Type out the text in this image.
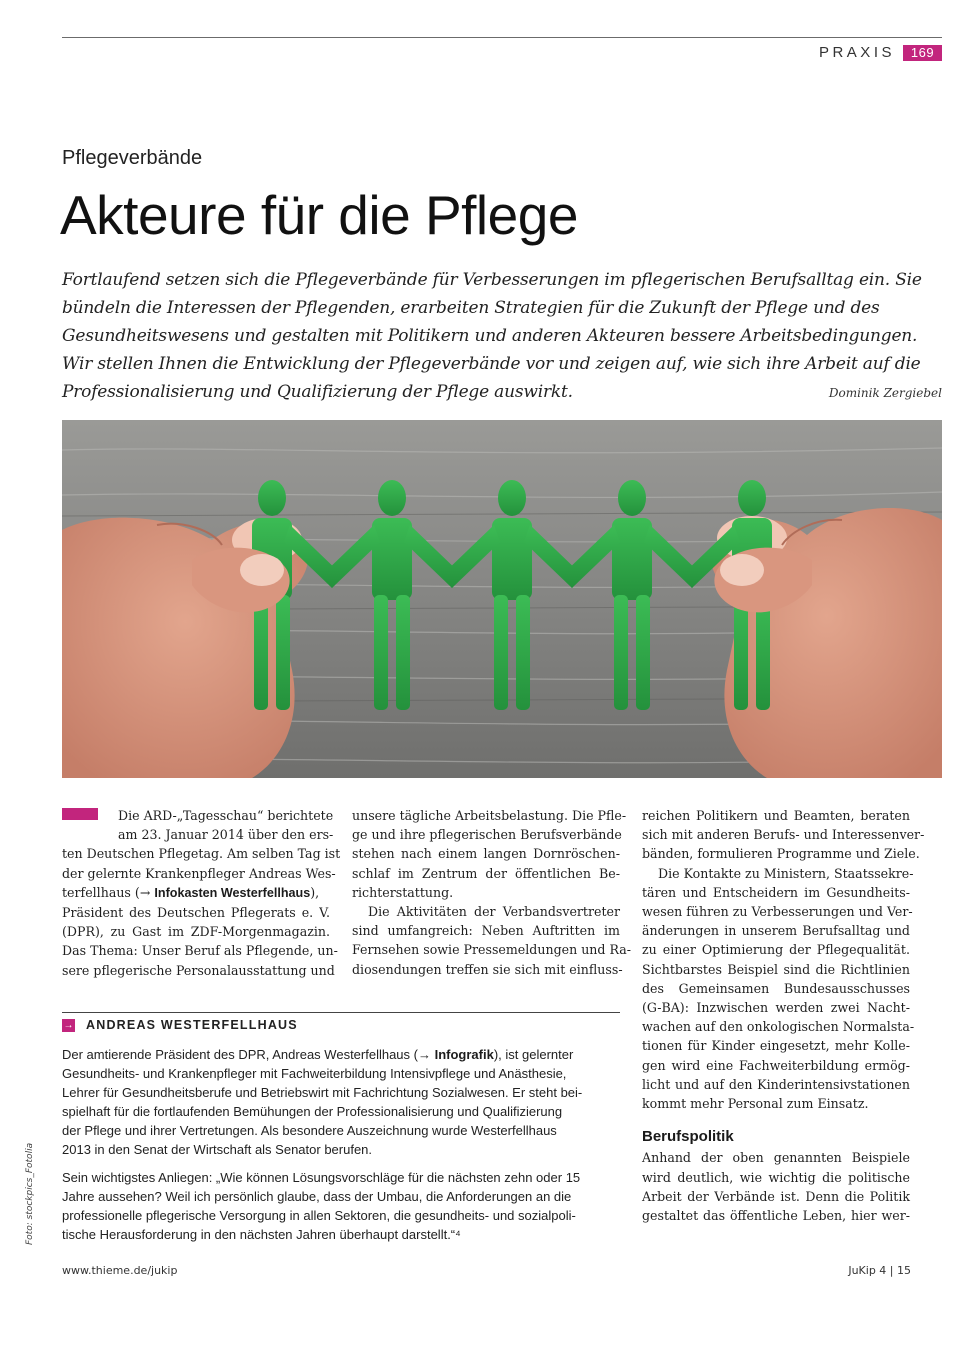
PRAXIS	169
Pflegeverbände
Akteure für die Pflege
Fortlaufend setzen sich die Pflegeverbände für Verbesserungen im pflegerischen Berufsalltag ein. Sie
bündeln die Interessen der Pflegenden, erarbeiten Strategien für die Zukunft der Pflege und des
Gesundheitswesens und gestalten mit Politikern und anderen Akteuren bessere Arbeitsbedingungen.
Wir stellen Ihnen die Entwicklung der Pflegeverbände vor und zeigen auf, wie sich ihre Arbeit auf die
Professionalisierung und Qualifizierung der Pflege auswirkt.	Dominik Zergiebel
Foto: stockpics_Fotolia
Die ARD-„Tagesschau“ berichtete
am 23. Januar 2014 über den ers-
ten Deutschen Pflegetag. Am selben Tag ist
der gelernte Krankenpfleger Andreas Wes-
terfellhaus (→ Infokasten Westerfellhaus),
Präsident des Deutschen Pflegerats e. V.
(DPR), zu Gast im ZDF-Morgenmagazin.
Das Thema: Unser Beruf als Pflegende, un-
sere pflegerische Personalausstattung und
unsere tägliche Arbeitsbelastung. Die Pfle-
ge und ihre pflegerischen Berufsverbände
stehen nach einem langen Dornröschen-
schlaf im Zentrum der öffentlichen Be-
richterstattung.
Die Aktivitäten der Verbandsvertreter
sind umfangreich: Neben Auftritten im
Fernsehen sowie Pressemeldungen und Ra-
diosendungen treffen sie sich mit einfluss-
reichen Politikern und Beamten, beraten
sich mit anderen Berufs- und Interessenver-
bänden, formulieren Programme und Ziele.
Die Kontakte zu Ministern, Staatssekre-
tären und Entscheidern im Gesundheits-
wesen führen zu Verbesserungen und Ver-
änderungen in unserem Berufsalltag und
zu einer Optimierung der Pflegequalität.
Sichtbarstes Beispiel sind die Richtlinien
des Gemeinsamen Bundesausschusses
(G-BA): Inzwischen werden zwei Nacht-
wachen auf den onkologischen Normalsta-
tionen für Kinder eingesetzt, mehr Kolle-
gen wird eine Fachweiterbildung ermög-
licht und auf den Kinderintensivstationen
kommt mehr Personal zum Einsatz.
Berufspolitik
Anhand der oben genannten Beispiele
wird deutlich, wie wichtig die politische
Arbeit der Verbände ist. Denn die Politik
gestaltet das öffentliche Leben, hier wer-
→ ANDREAS WESTERFELLHAUS

Der amtierende Präsident des DPR, Andreas Westerfellhaus (→ Infografik), ist gelernter
Gesundheits- und Krankenpfleger mit Fachweiterbildung Intensivpflege und Anästhesie,
Lehrer für Gesundheitsberufe und Betriebswirt mit Fachrichtung Sozialwesen. Er steht bei-
spielhaft für die fortlaufenden Bemühungen der Professionalisierung und Qualifizierung
der Pflege und ihrer Vertretungen. Als besondere Auszeichnung wurde Westerfellhaus
2013 in den Senat der Wirtschaft als Senator berufen.

Sein wichtigstes Anliegen: „Wie können Lösungsvorschläge für die nächsten zehn oder 15
Jahre aussehen? Weil ich persönlich glaube, dass der Umbau, die Anforderungen an die
professionelle pflegerische Versorgung in allen Sektoren, die gesundheits- und sozialpoli-
tische Herausforderung in den nächsten Jahren überhaupt darstellt.“⁴

www.thieme.de/jukip	JuKip 4 | 15
